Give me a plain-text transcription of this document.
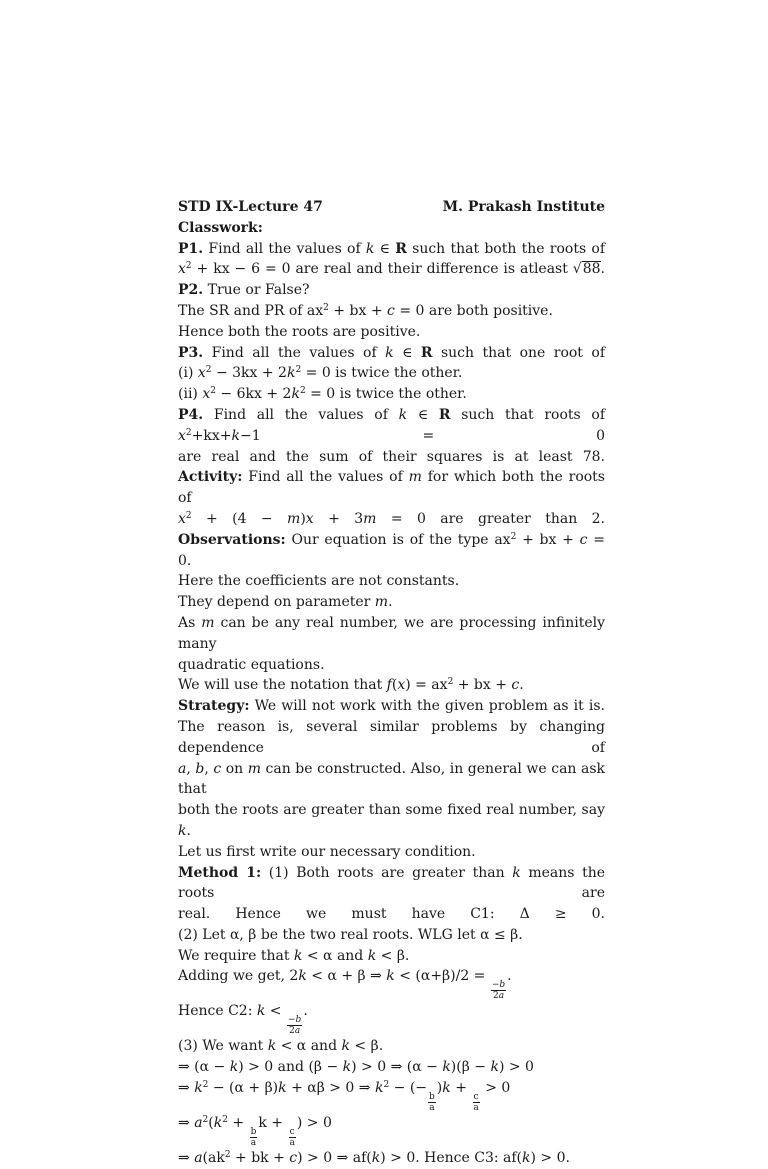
STD IX-Lecture 47	M. Prakash Institute
Classwork:
P1. Find all the values of k ∈ R such that both the roots of
$x^2$ + kx − 6 = 0 are real and their difference is atleast √88.
P2. True or False?
The SR and PR of $ax^2$ + bx + c = 0 are both positive.
Hence both the roots are positive.
P3. Find all the values of k ∈ R such that one root of
(i) $x^2 - 3kx + 2k^2 = 0$ is twice the other.
(ii) $x^2 - 6kx + 2k^2 = 0$ is twice the other.
P4. Find all the values of k ∈ R such that roots of $x^2+kx+k-1 = 0$
are real and the sum of their squares is at least 78.
Activity: Find all the values of m for which both the roots of
$x^2 + (4 - m)x + 3m = 0$ are greater than 2.
Observations: Our equation is of the type $ax^2$ + bx + c = 0.
Here the coefficients are not constants.
They depend on parameter m.
As m can be any real number, we are processing infinitely many
quadratic equations.
We will use the notation that $f(x) = ax^2$ + bx + c.
Strategy: We will not work with the given problem as it is.
The reason is, several similar problems by changing dependence of
a, b, c on m can be constructed. Also, in general we can ask that
both the roots are greater than some fixed real number, say k.
Let us first write our necessary condition.
Method 1: (1) Both roots are greater than k means the roots are
real. Hence we must have C1: Δ ≥ 0.
(2) Let α, β be the two real roots. WLG let α ≤ β.
We require that k < α and k < β.
Adding we get, 2k < α + β ⇒ k < (α+β)/2 =
$\frac{-b}{2a}$
.
Hence C2: k <
$\frac{-b}{2a}$
.
(3) We want k < α and k < β.
⇒ (α − k) > 0 and (β − k) > 0 ⇒ (α − k)(β − k) > 0
⇒ $k^2 - (\alpha + \beta)k + \alpha\beta > 0$ ⇒ $k^2$ − (−
$\frac{b}{a}$
)k +
$\frac{c}{a}$
> 0
⇒ $a^2(k^2$ +
$\frac{b}{a}$
k +
$\frac{c}{a}$
) > 0
⇒ $a(ak^2$ + bk + c) > 0 ⇒ af(k) > 0. Hence C3: af(k) > 0.
